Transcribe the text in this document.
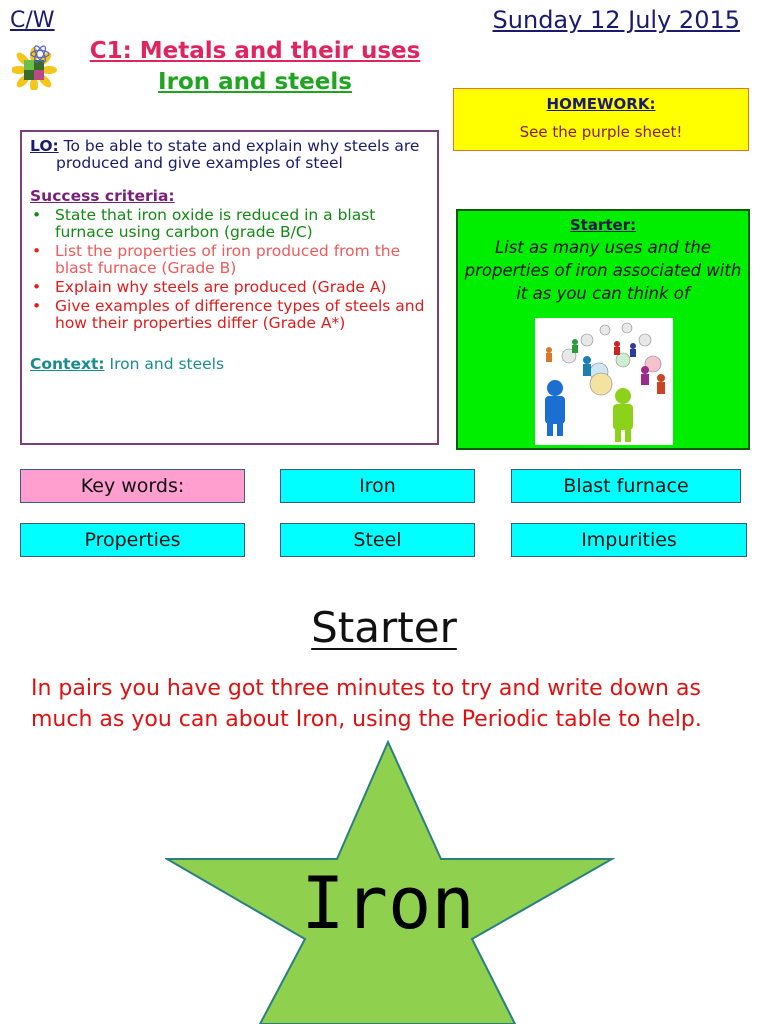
C/W	Sunday 12 July 2015
C1: Metals and their uses
Iron and steels
HOMEWORK:
See the purple sheet!
LO: To be able to state and explain why steels are produced and give examples of steel
Success criteria:
• State that iron oxide is reduced in a blast furnace using carbon (grade B/C)
• List the properties of iron produced from the blast furnace (Grade B)
• Explain why steels are produced (Grade A)
• Give examples of difference types of steels and how their properties differ (Grade A*)
Context: Iron and steels
Starter:
List as many uses and the properties of iron associated with it as you can think of
Key words:	Iron	Blast furnace
Properties	Steel	Impurities
Starter
In pairs you have got three minutes to try and write down as much as you can about Iron, using the Periodic table to help.
Iron
